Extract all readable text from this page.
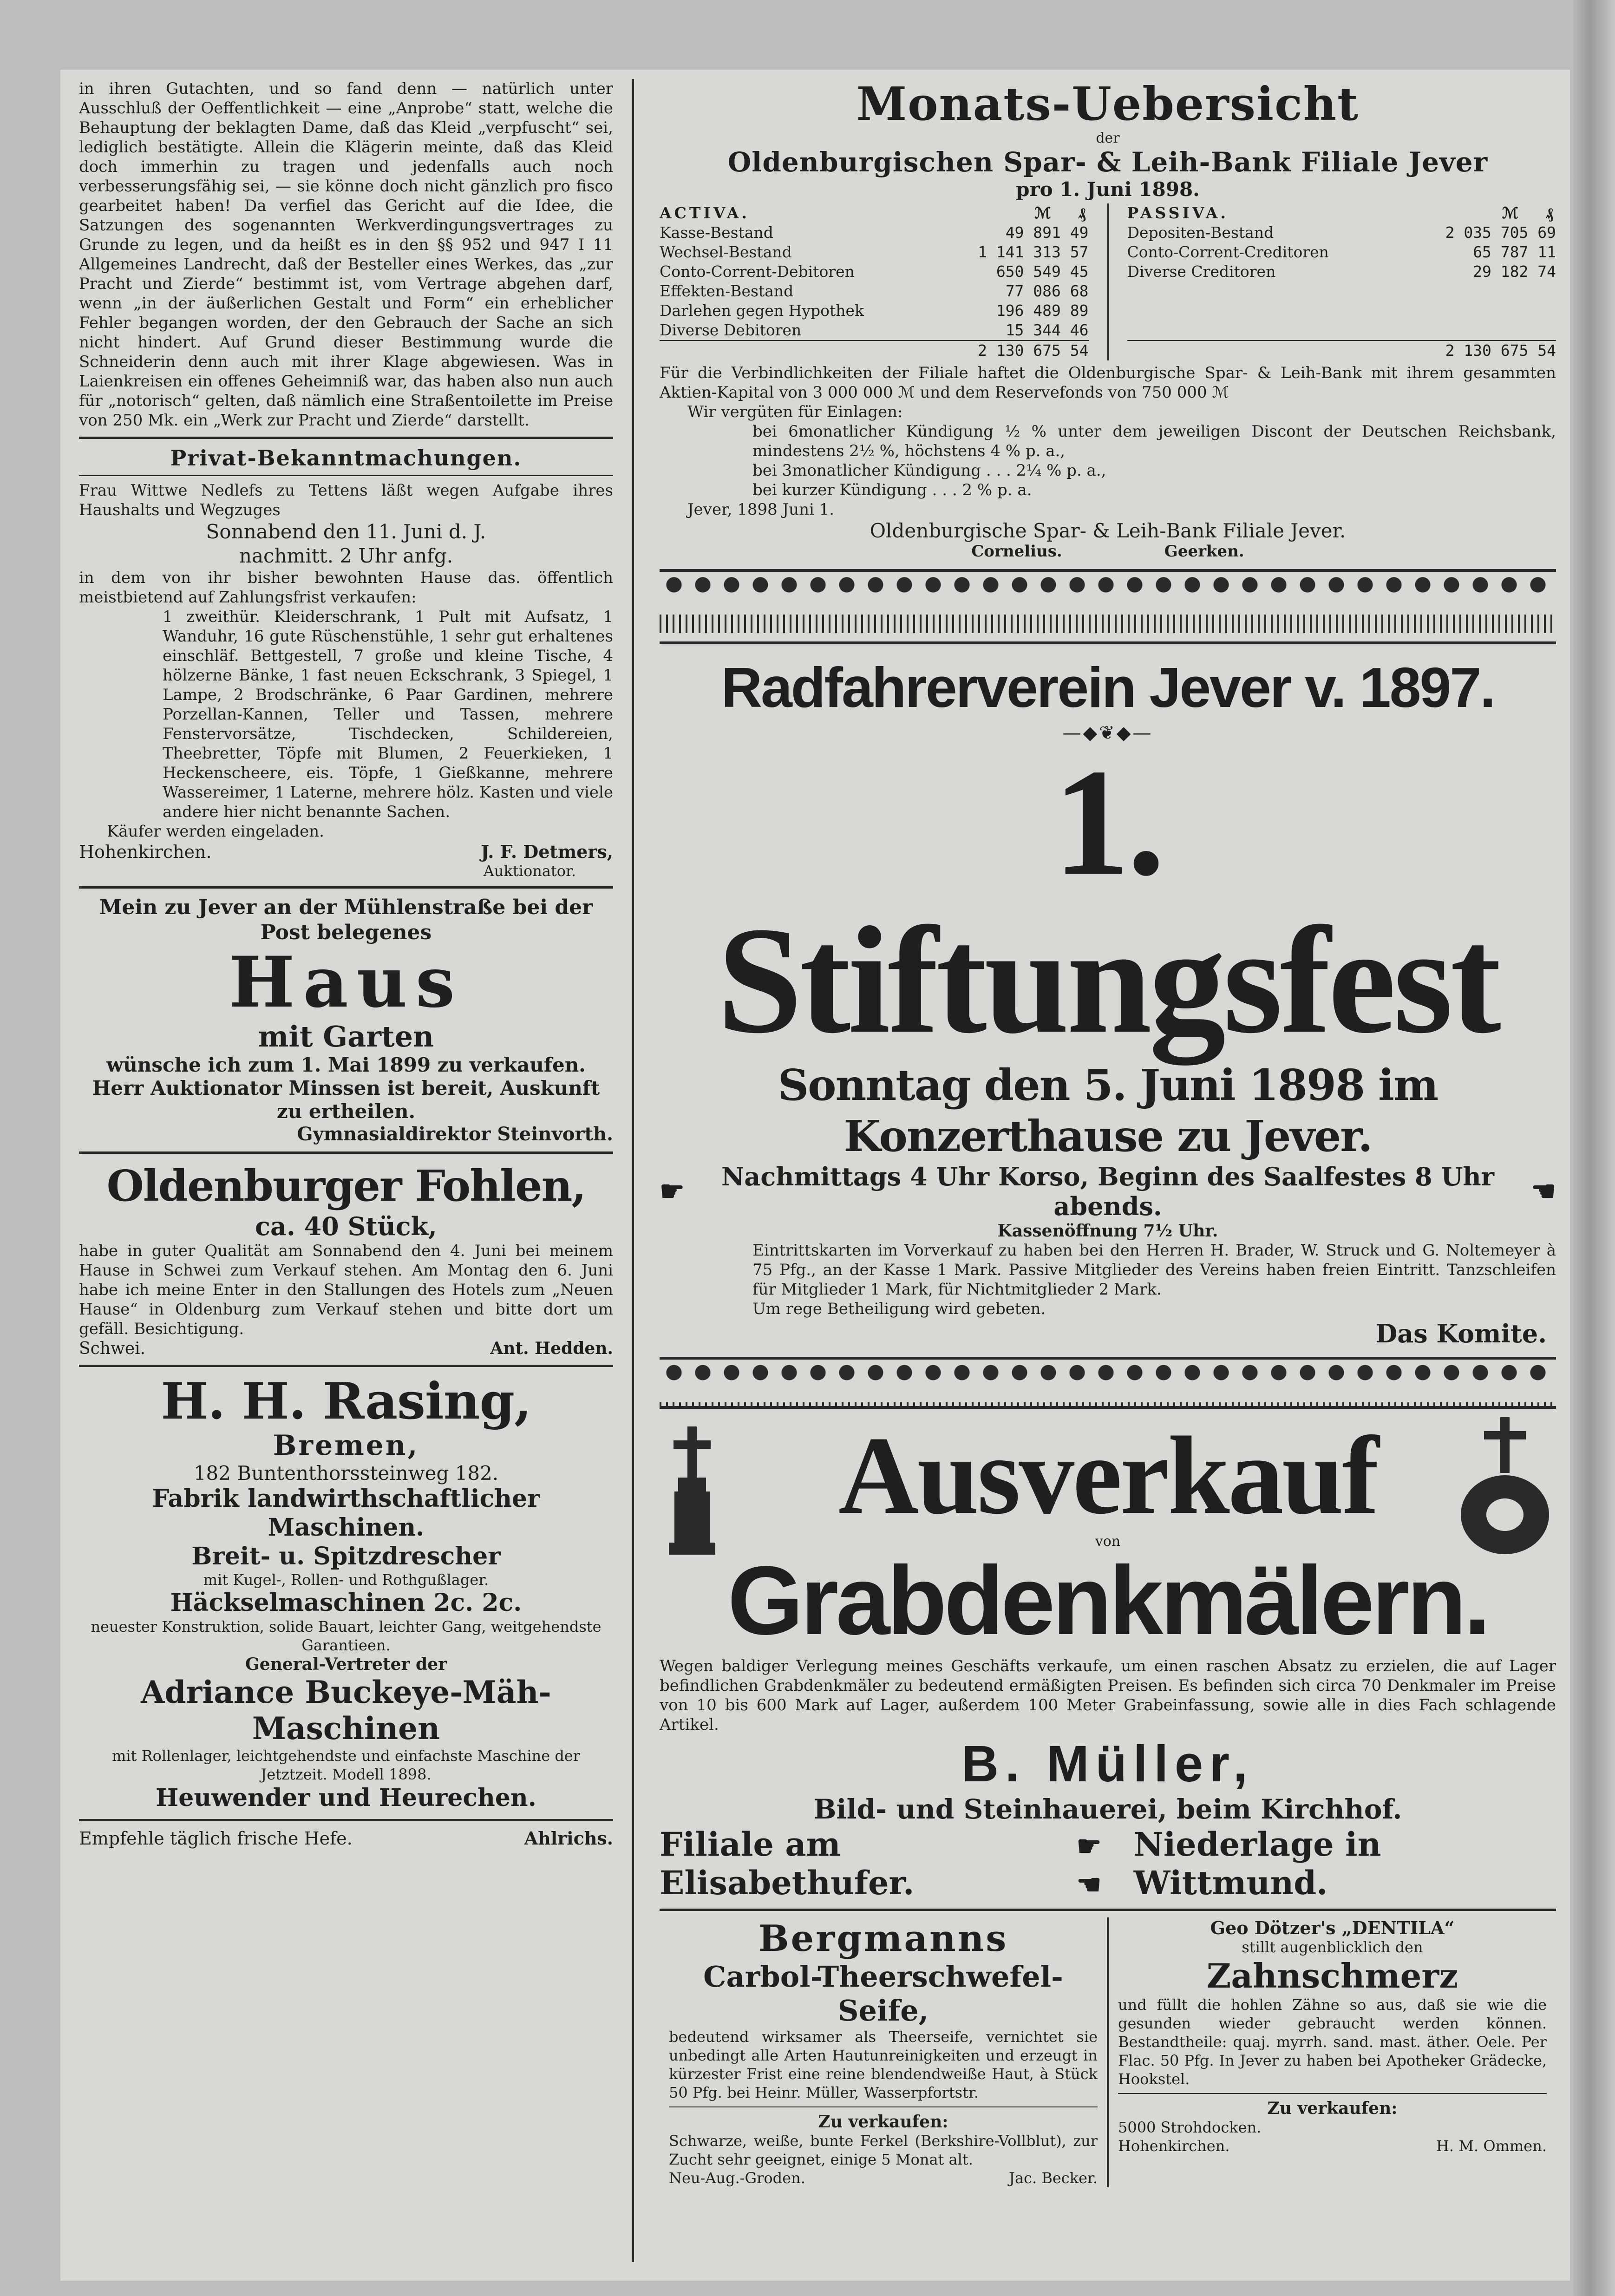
in ihren Gutachten, und so fand denn — natürlich unter Ausschluß der Oeffentlichkeit — eine „Anprobe“ statt, welche die Behauptung der beklagten Dame, daß das Kleid „verpfuscht“ sei, lediglich bestätigte. Allein die Klägerin meinte, daß das Kleid doch immerhin zu tragen und jedenfalls auch noch verbesserungsfähig sei, — sie könne doch nicht gänzlich pro fisco gearbeitet haben! Da verfiel das Gericht auf die Idee, die Satzungen des sogenannten Werkverdingungsvertrages zu Grunde zu legen, und da heißt es in den §§ 952 und 947 I 11 Allgemeines Landrecht, daß der Besteller eines Werkes, das „zur Pracht und Zierde“ bestimmt ist, vom Vertrage abgehen darf, wenn „in der äußerlichen Gestalt und Form“ ein erheblicher Fehler begangen worden, der den Gebrauch der Sache an sich nicht hindert. Auf Grund dieser Bestimmung wurde die Schneiderin denn auch mit ihrer Klage abgewiesen. Was in Laienkreisen ein offenes Geheimniß war, das haben also nun auch für „notorisch“ gelten, daß nämlich eine Straßentoilette im Preise von 250 Mk. ein „Werk zur Pracht und Zierde“ darstellt.

Privat-Bekanntmachungen.

Frau Wittwe Nedlefs zu Tettens läßt wegen Aufgabe ihres Haushalts und Wegzuges

Sonnabend den 11. Juni d. J.

nachmitt. 2 Uhr anfg.

in dem von ihr bisher bewohnten Hause das. öffentlich meistbietend auf Zahlungsfrist verkaufen:

1 zweithür. Kleiderschrank, 1 Pult mit Aufsatz, 1 Wanduhr, 16 gute Rüschenstühle, 1 sehr gut erhaltenes einschläf. Bettgestell, 7 große und kleine Tische, 4 hölzerne Bänke, 1 fast neuen Eckschrank, 3 Spiegel, 1 Lampe, 2 Brodschränke, 6 Paar Gardinen, mehrere Porzellan-Kannen, Teller und Tassen, mehrere Fenstervorsätze, Tischdecken, Schildereien, Theebretter, Töpfe mit Blumen, 2 Feuerkieken, 1 Heckenscheere, eis. Töpfe, 1 Gießkanne, mehrere Wassereimer, 1 Laterne, mehrere hölz. Kasten und viele andere hier nicht benannte Sachen.

Käufer werden eingeladen.

Hohenkirchen.	J. F. Detmers,

Auktionator.

Mein zu Jever an der Mühlenstraße bei der Post belegenes

Haus
mit Garten

wünsche ich zum 1. Mai 1899 zu verkaufen. Herr Auktionator Minssen ist bereit, Auskunft zu ertheilen.

Gymnasialdirektor Steinvorth.

Oldenburger Fohlen,
ca. 40 Stück,

habe in guter Qualität am Sonnabend den 4. Juni bei meinem Hause in Schwei zum Verkauf stehen. Am Montag den 6. Juni habe ich meine Enter in den Stallungen des Hotels zum „Neuen Hause“ in Oldenburg zum Verkauf stehen und bitte dort um gefäll. Besichtigung.

Schwei.	Ant. Hedden.
H. H. Rasing,
Bremen,

182 Buntenthorssteinweg 182.

Fabrik landwirthschaftlicher Maschinen.
Breit- u. Spitzdrescher

mit Kugel-, Rollen- und Rothgußlager.

Häckselmaschinen 2c. 2c.

neuester Konstruktion, solide Bauart, leichter Gang, weitgehendste Garantieen.

General-Vertreter der

Adriance Buckeye-Mäh-
Maschinen

mit Rollenlager, leichtgehendste und einfachste Maschine der Jetztzeit. Modell 1898.

Heuwender und Heurechen.
Empfehle täglich frische Hefe.	Ahlrichs.
Monats-Uebersicht

der

Oldenburgischen Spar- & Leih-Bank Filiale Jever

pro 1. Juni 1898.

ACTIVA.	ℳ ₰
Kasse-Bestand	49 891 49
Wechsel-Bestand	1 141 313 57
Conto-Corrent-Debitoren	650 549 45
Effekten-Bestand	77 086 68
Darlehen gegen Hypothek	196 489 89
Diverse Debitoren	15 344 46
2 130 675 54
PASSIVA.	ℳ ₰
Depositen-Bestand	2 035 705 69
Conto-Corrent-Creditoren	65 787 11
Diverse Creditoren	29 182 74
2 130 675 54

Für die Verbindlichkeiten der Filiale haftet die Oldenburgische Spar- & Leih-Bank mit ihrem gesammten Aktien-Kapital von 3 000 000 ℳ und dem Reservefonds von 750 000 ℳ

Wir vergüten für Einlagen:

bei 6monatlicher Kündigung ½ % unter dem jeweiligen Discont der Deutschen Reichsbank, mindestens 2½ %, höchstens 4 % p. a.,

bei 3monatlicher Kündigung . . . 2¼ % p. a.,

bei kurzer Kündigung . . . 2 % p. a.

Jever, 1898 Juni 1.

Oldenburgische Spar- & Leih-Bank Filiale Jever.

Cornelius.	Geerken.
Radfahrerverein Jever v. 1897.

—◆❦◆—

1. Stiftungsfest
Sonntag den 5. Juni 1898 im Konzerthause zu Jever.
☛	Nachmittags 4 Uhr Korso, Beginn des Saalfestes 8 Uhr abends.	☚

Kassenöffnung 7½ Uhr.

Eintrittskarten im Vorverkauf zu haben bei den Herren H. Brader, W. Struck und G. Noltemeyer à 75 Pfg., an der Kasse 1 Mark. Passive Mitglieder des Vereins haben freien Eintritt. Tanzschleifen für Mitglieder 1 Mark, für Nichtmitglieder 2 Mark.

Um rege Betheiligung wird gebeten.

Das Komite.

Ausverkauf

von

Grabdenkmälern.

Wegen baldiger Verlegung meines Geschäfts verkaufe, um einen raschen Absatz zu erzielen, die auf Lager befindlichen Grabdenkmäler zu bedeutend ermäßigten Preisen. Es befinden sich circa 70 Denkmaler im Preise von 10 bis 600 Mark auf Lager, außerdem 100 Meter Grabeinfassung, sowie alle in dies Fach schlagende Artikel.

B. Müller,
Bild- und Steinhauerei, beim Kirchhof.
Filiale am Elisabethufer.
☛ ☚
Niederlage in Wittmund.
Bergmanns
Carbol-Theerschwefel-Seife,

bedeutend wirksamer als Theerseife, vernichtet sie unbedingt alle Arten Hautunreinigkeiten und erzeugt in kürzester Frist eine reine blendendweiße Haut, à Stück 50 Pfg. bei Heinr. Müller, Wasserpfortstr.

Zu verkaufen:

Schwarze, weiße, bunte Ferkel (Berkshire-Vollblut), zur Zucht sehr geeignet, einige 5 Monat alt.

Neu-Aug.-Groden.	Jac. Becker.

Geo Dötzer's „DENTILA“

stillt augenblicklich den

Zahnschmerz

und füllt die hohlen Zähne so aus, daß sie wie die gesunden wieder gebraucht werden können. Bestandtheile: quaj. myrrh. sand. mast. äther. Oele. Per Flac. 50 Pfg. In Jever zu haben bei Apotheker Grädecke, Hookstel.

Zu verkaufen:

5000 Strohdocken.

Hohenkirchen.	H. M. Ommen.
